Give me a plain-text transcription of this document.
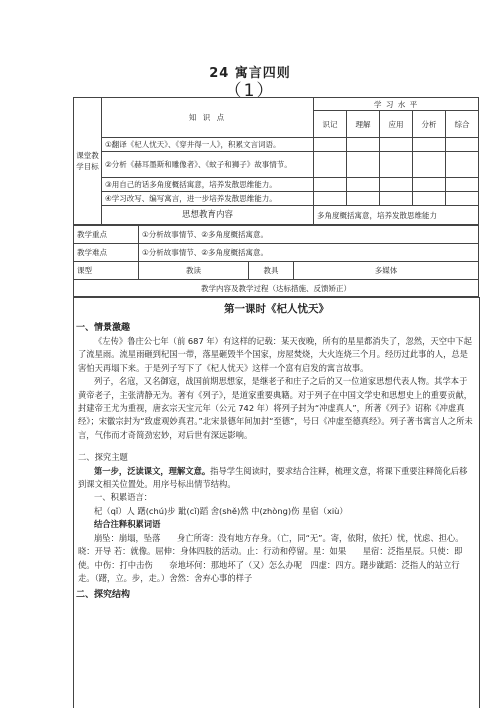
24 寓言四则
（1）
课堂教学目标	知 识 点	学 习 水 平				
		识记	理解	应用	分析	综合
	①翻译《杞人忧天》、《穿井得一人》，积累文言词语。					
	②分析《赫耳墨斯和雕像者》、《蚊子和狮子》故事情节。					
	③用自己的话多角度概括寓意，培养发散思维能力。					
	④学习改写、编写寓言，进一步培养发散思维能力。					
	思想教育内容	多角度概括寓意，培养发散思维能力				
教学重点	①分析故事情节、②多角度概括寓意。		
教学难点	①分析故事情节、②多角度概括寓意。		
课型	教读	教具	多媒体
教学内容及教学过程（达标措施、反馈矫正）			
第一课时《杞人忧天》
一、情景激趣

《左传》鲁庄公七年（前 687 年）有这样的记载：某天夜晚，所有的星星都消失了，忽然，天空中下起了流星雨。流星雨砸到杞国一带，落星砸毁半个国家，房屋焚烧，大火连烧三个月。经历过此事的人，总是害怕天再塌下来。于是列子写下了《杞人忧天》这样一个富有启发的寓言故事。

列子，名寇，又名御寇，战国前期思想家，是继老子和庄子之后的又一位道家思想代表人物。其学本于黄帝老子，主张清静无为。著有《列子》，是道家重要典籍。对于列子在中国文学史和思想史上的重要贡献，封建帝王尤为重视，唐玄宗天宝元年（公元 742 年）将列子封为“冲虚真人”，所著《列子》诏称《冲虚真经》；宋徽宗封为“致虚观妙真君。”北宋景德年间加封“至德”，号曰《冲虚至德真经》。列子著书寓言人之所未言，气伟而才奇简劲宏妙，对后世有深远影响。

二、探究主题

第一步，泛读课文，理解文意。指导学生阅读时，要求结合注释，梳理文意，将课下重要注释简化后移到课文相关位置处。用序号标出情节结构。

一、积累语言：

杞（qǐ）人 躇(chú)步 跐(cǐ)蹈 舍(shě)然 中(zhòng)伤 星宿（xiù）

结合注释积累词语

崩坠：崩塌，坠落　　身亡所寄：没有地方存身。（亡，同“无”。寄，依附，依托）忧，忧虑、担心。晓：开导 若：就像。屈伸：身体四肢的活动。止：行动和停留。星：如果　　星宿：泛指星辰。只使：即使。中伤：打中击伤　　奈地坏何：那地坏了（又）怎么办呢　四虚：四方。躇步跐蹈：泛指人的站立行走。（躇，立。步，走。）舍然：舍弃心事的样子

二、探究结构
